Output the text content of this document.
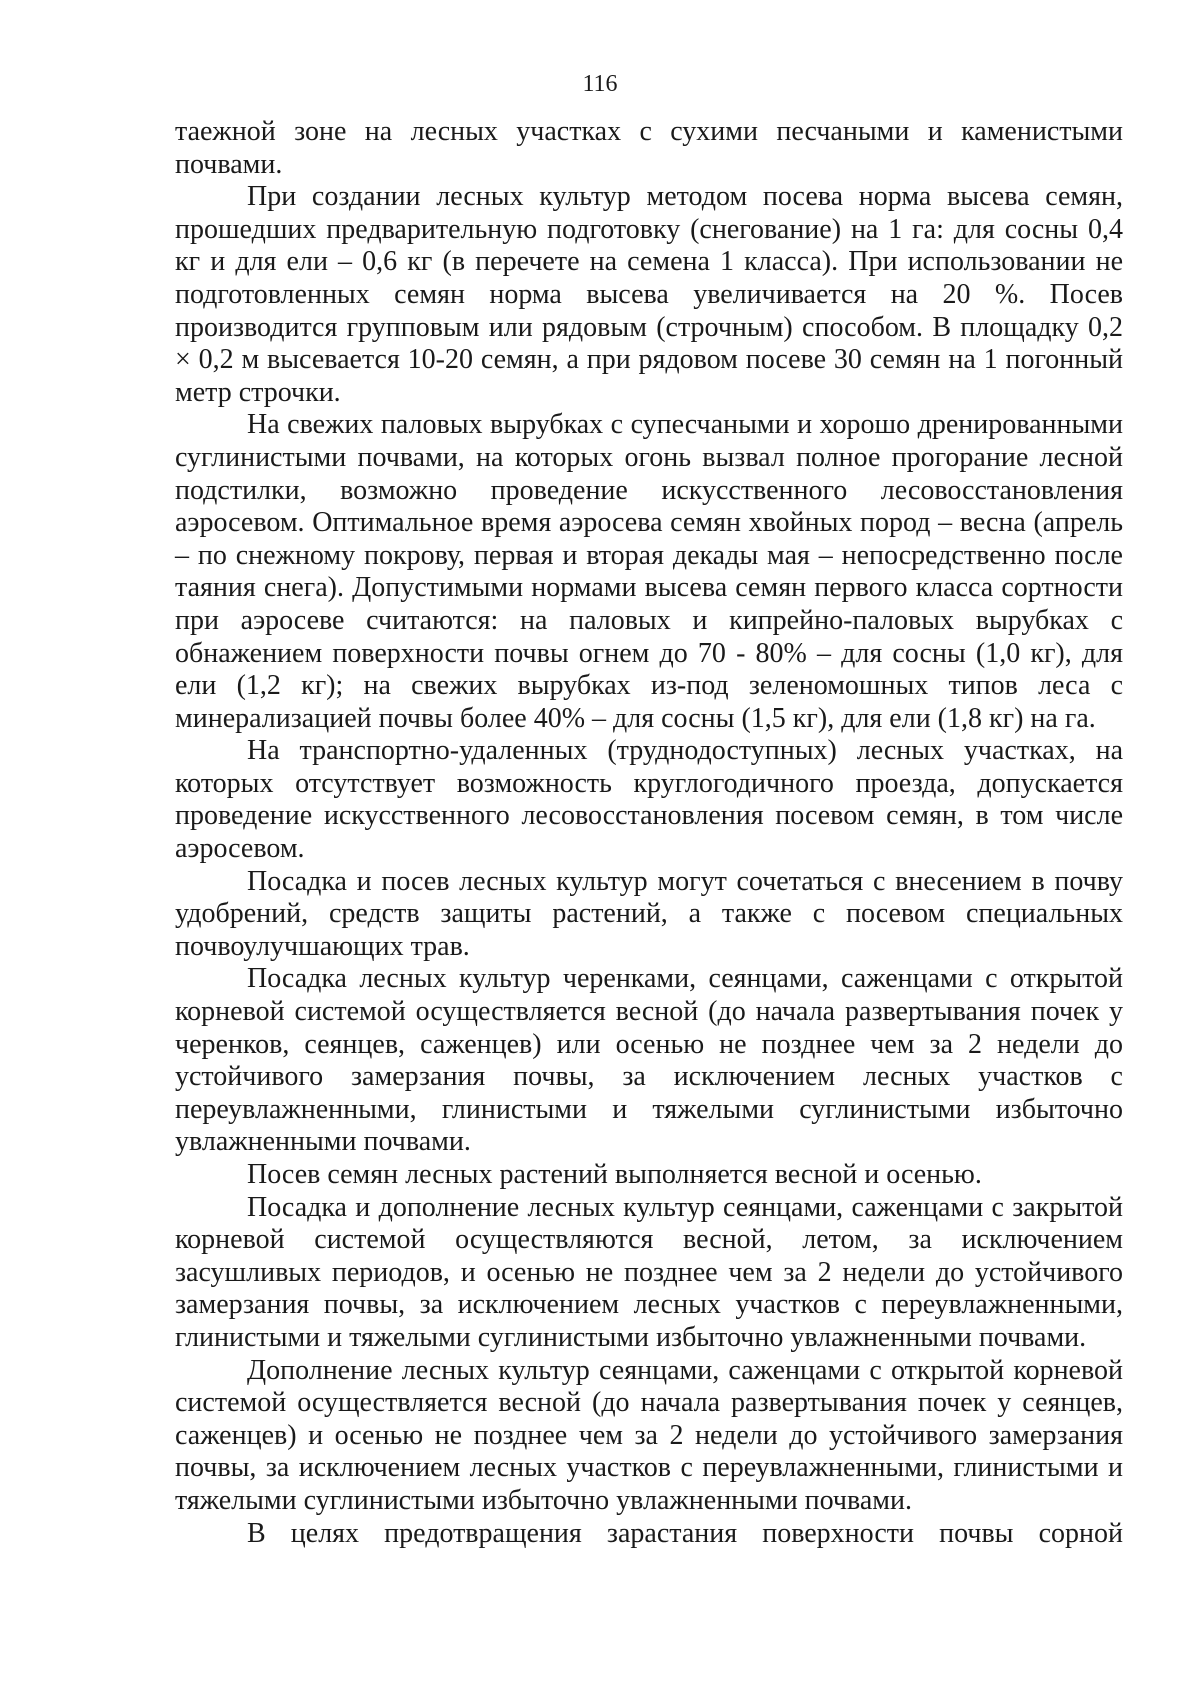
116

таежной зоне на лесных участках с сухими песчаными и каменистыми почвами.

При создании лесных культур методом посева норма высева семян, прошедших предварительную подготовку (снегование) на 1 га: для сосны 0,4 кг и для ели – 0,6 кг (в перечете на семена 1 класса). При использовании не подготовленных семян норма высева увеличивается на 20 %. Посев производится групповым или рядовым (строчным) способом. В площадку 0,2 × 0,2 м высевается 10-20 семян, а при рядовом посеве 30 семян на 1 погонный метр строчки.

На свежих паловых вырубках с супесчаными и хорошо дренированными суглинистыми почвами, на которых огонь вызвал полное прогорание лесной подстилки, возможно проведение искусственного лесовосстановления аэросевом. Оптимальное время аэросева семян хвойных пород – весна (апрель – по снежному покрову, первая и вторая декады мая – непосредственно после таяния снега). Допустимыми нормами высева семян первого класса сортности при аэросеве считаются: на паловых и кипрейно-паловых вырубках с обнажением поверхности почвы огнем до 70 - 80% – для сосны (1,0 кг), для ели (1,2 кг); на свежих вырубках из-под зеленомошных типов леса с минерализацией почвы более 40% – для сосны (1,5 кг), для ели (1,8 кг) на га.

На транспортно-удаленных (труднодоступных) лесных участках, на которых отсутствует возможность круглогодичного проезда, допускается проведение искусственного лесовосстановления посевом семян, в том числе аэросевом.

Посадка и посев лесных культур могут сочетаться с внесением в почву удобрений, средств защиты растений, а также с посевом специальных почвоулучшающих трав.

Посадка лесных культур черенками, сеянцами, саженцами с открытой корневой системой осуществляется весной (до начала развертывания почек у черенков, сеянцев, саженцев) или осенью не позднее чем за 2 недели до устойчивого замерзания почвы, за исключением лесных участков с переувлажненными, глинистыми и тяжелыми суглинистыми избыточно увлажненными почвами.

Посев семян лесных растений выполняется весной и осенью.

Посадка и дополнение лесных культур сеянцами, саженцами с закрытой корневой системой осуществляются весной, летом, за исключением засушливых периодов, и осенью не позднее чем за 2 недели до устойчивого замерзания почвы, за исключением лесных участков с переувлажненными, глинистыми и тяжелыми суглинистыми избыточно увлажненными почвами.

Дополнение лесных культур сеянцами, саженцами с открытой корневой системой осуществляется весной (до начала развертывания почек у сеянцев, саженцев) и осенью не позднее чем за 2 недели до устойчивого замерзания почвы, за исключением лесных участков с переувлажненными, глинистыми и тяжелыми суглинистыми избыточно увлажненными почвами.

В целях предотвращения зарастания поверхности почвы сорной
